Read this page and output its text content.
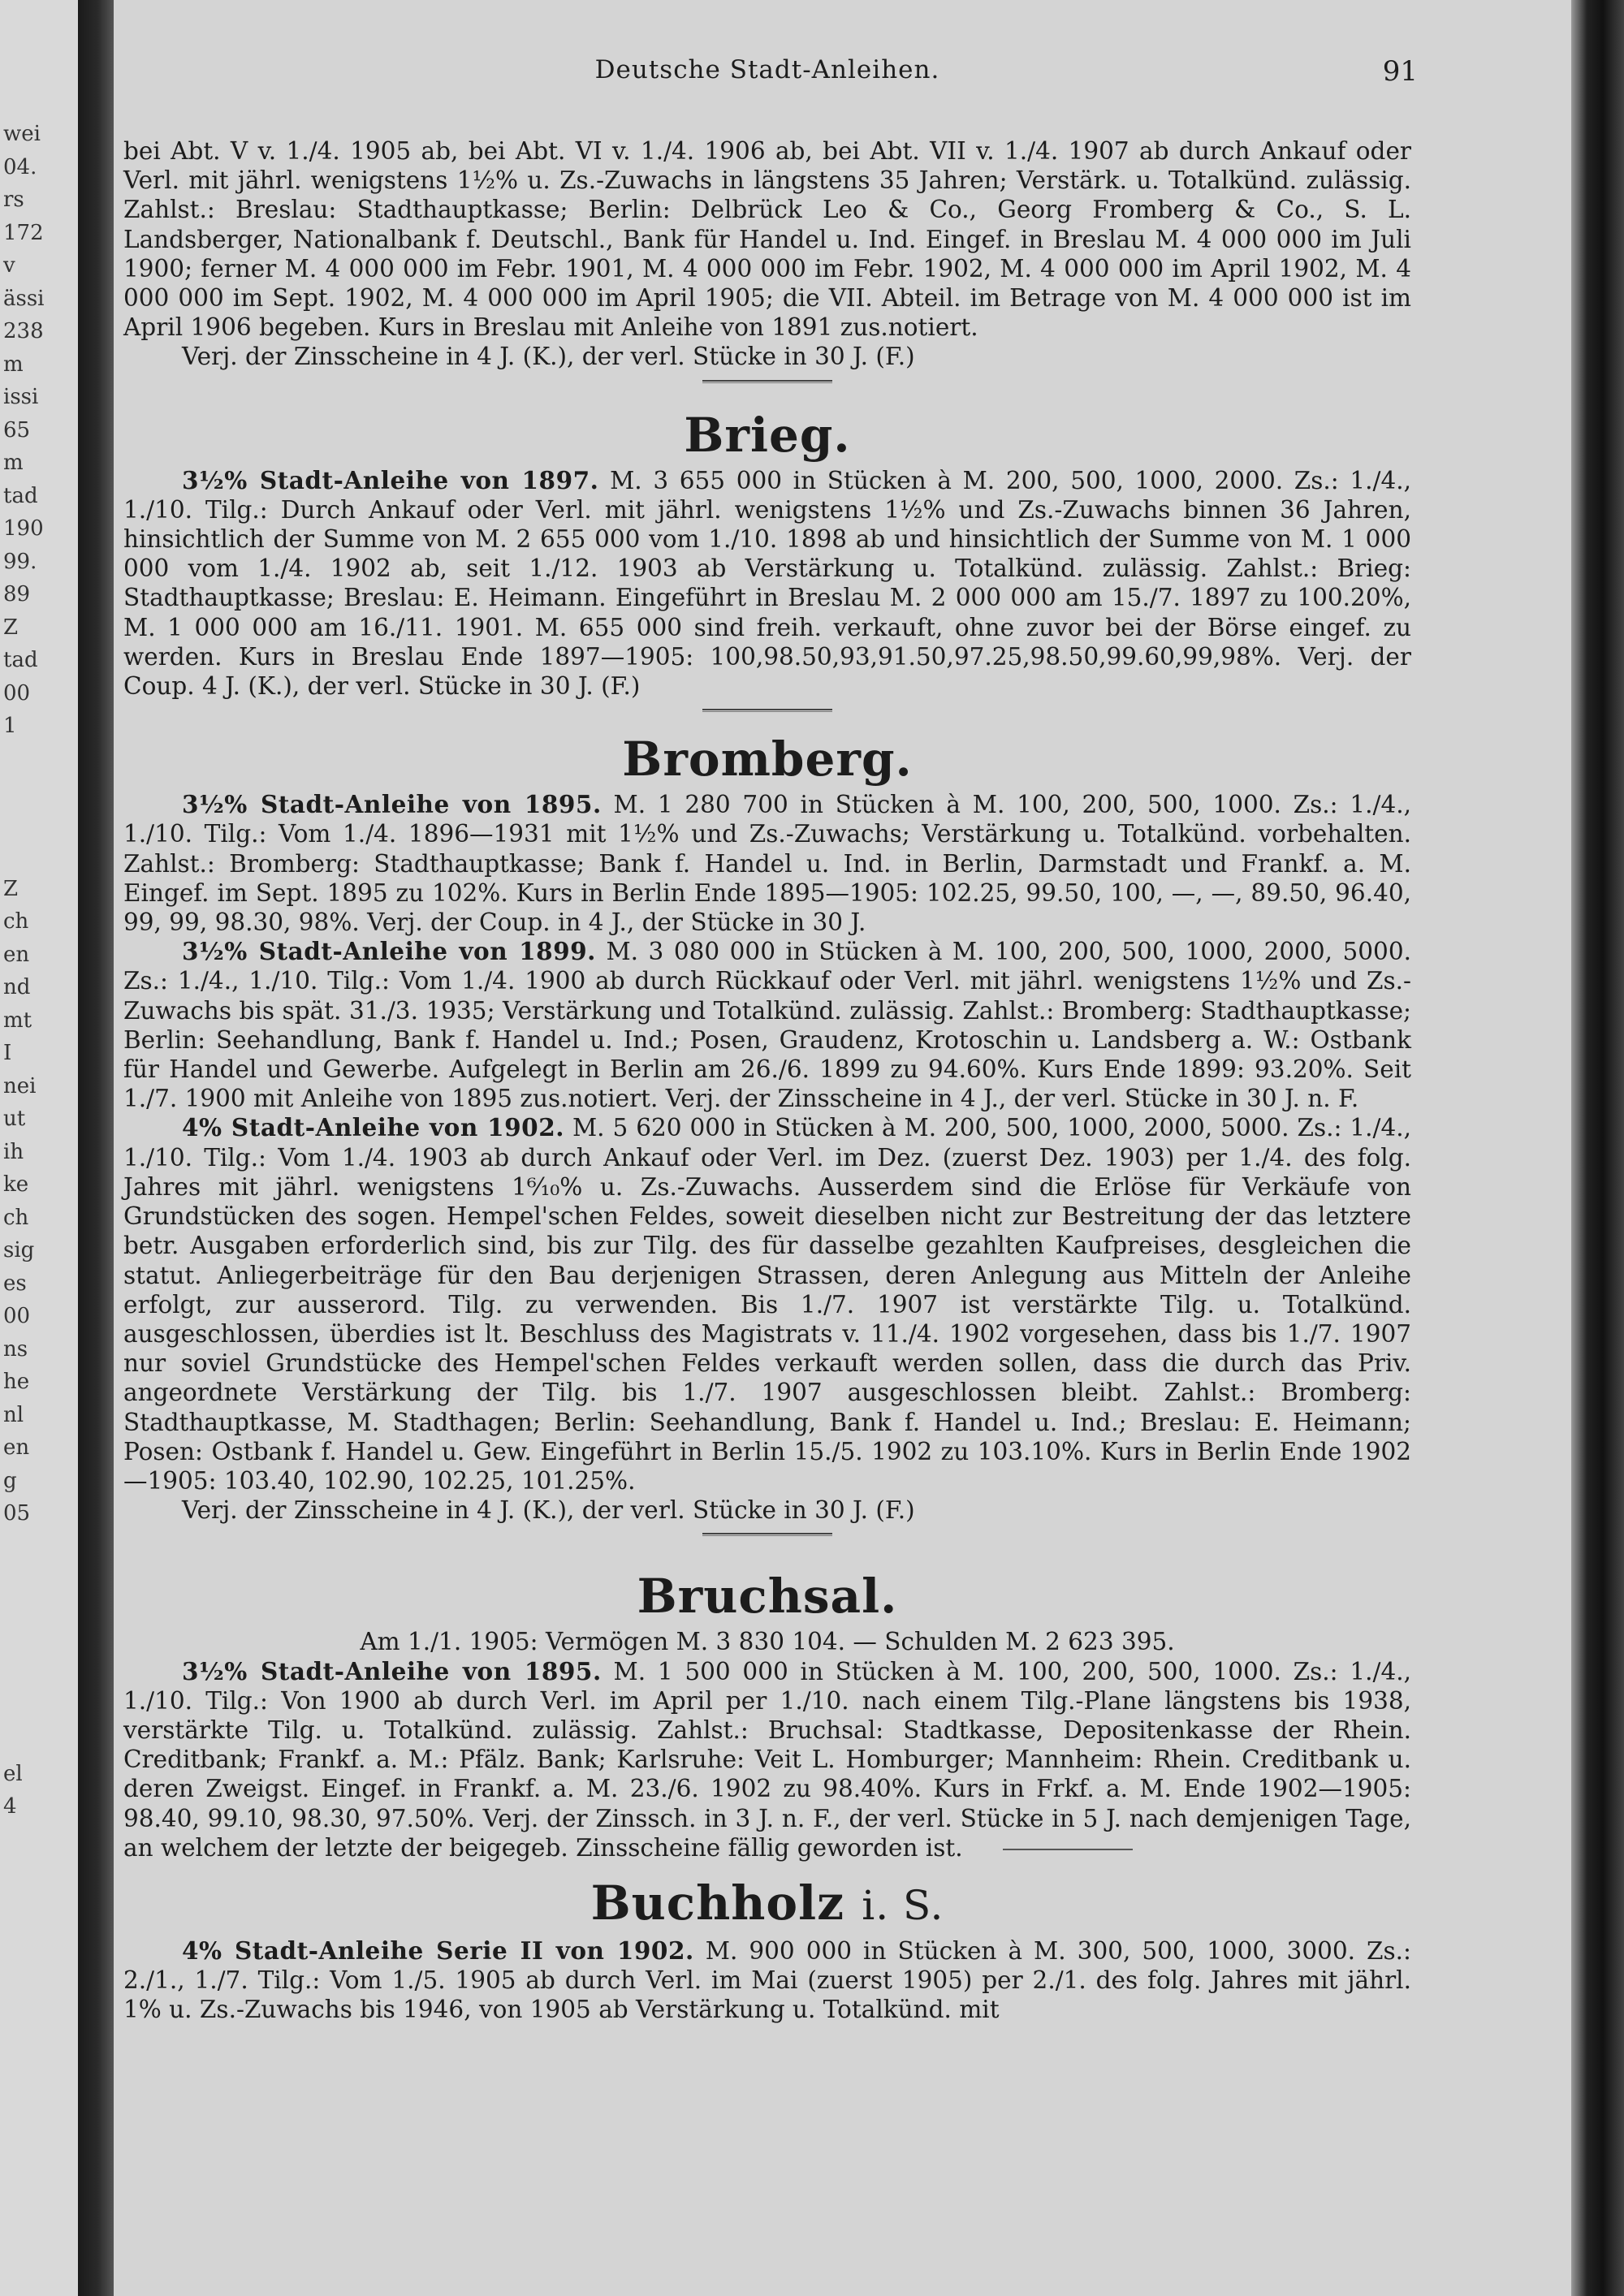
wei
04.
rs
172
v
ässi
238
m
issi
65
m
tad
190
99.
89
Z
tad
00
1
Z
ch
en
nd
mt
I
nei
ut
ih
ke
ch
sig
es
00
ns
he
nl
en
g
05
el
4
Deutsche Stadt-Anleihen.	91

bei Abt. V v. 1./4. 1905 ab, bei Abt. VI v. 1./4. 1906 ab, bei Abt. VII v. 1./4. 1907 ab durch Ankauf oder Verl. mit jährl. wenigstens 1½% u. Zs.-Zuwachs in längstens 35 Jahren; Verstärk. u. Totalkünd. zulässig. Zahlst.: Breslau: Stadthauptkasse; Berlin: Delbrück Leo & Co., Georg Fromberg & Co., S. L. Landsberger, Nationalbank f. Deutschl., Bank für Handel u. Ind. Eingef. in Breslau M. 4 000 000 im Juli 1900; ferner M. 4 000 000 im Febr. 1901, M. 4 000 000 im Febr. 1902, M. 4 000 000 im April 1902, M. 4 000 000 im Sept. 1902, M. 4 000 000 im April 1905; die VII. Abteil. im Betrage von M. 4 000 000 ist im April 1906 begeben. Kurs in Breslau mit Anleihe von 1891 zus.notiert.

Verj. der Zinsscheine in 4 J. (K.), der verl. Stücke in 30 J. (F.)

Brieg.

3½% Stadt-Anleihe von 1897. M. 3 655 000 in Stücken à M. 200, 500, 1000, 2000. Zs.: 1./4., 1./10. Tilg.: Durch Ankauf oder Verl. mit jährl. wenigstens 1½% und Zs.-Zuwachs binnen 36 Jahren, hinsichtlich der Summe von M. 2 655 000 vom 1./10. 1898 ab und hinsichtlich der Summe von M. 1 000 000 vom 1./4. 1902 ab, seit 1./12. 1903 ab Verstärkung u. Totalkünd. zulässig. Zahlst.: Brieg: Stadthauptkasse; Breslau: E. Heimann. Eingeführt in Breslau M. 2 000 000 am 15./7. 1897 zu 100.20%, M. 1 000 000 am 16./11. 1901. M. 655 000 sind freih. verkauft, ohne zuvor bei der Börse eingef. zu werden. Kurs in Breslau Ende 1897—1905: 100,98.50,93,91.50,97.25,98.50,99.60,99,98%. Verj. der Coup. 4 J. (K.), der verl. Stücke in 30 J. (F.)

Bromberg.

3½% Stadt-Anleihe von 1895. M. 1 280 700 in Stücken à M. 100, 200, 500, 1000. Zs.: 1./4., 1./10. Tilg.: Vom 1./4. 1896—1931 mit 1½% und Zs.-Zuwachs; Verstärkung u. Totalkünd. vorbehalten. Zahlst.: Bromberg: Stadthauptkasse; Bank f. Handel u. Ind. in Berlin, Darmstadt und Frankf. a. M. Eingef. im Sept. 1895 zu 102%. Kurs in Berlin Ende 1895—1905: 102.25, 99.50, 100, —, —, 89.50, 96.40, 99, 99, 98.30, 98%. Verj. der Coup. in 4 J., der Stücke in 30 J.

3½% Stadt-Anleihe von 1899. M. 3 080 000 in Stücken à M. 100, 200, 500, 1000, 2000, 5000. Zs.: 1./4., 1./10. Tilg.: Vom 1./4. 1900 ab durch Rückkauf oder Verl. mit jährl. wenigstens 1½% und Zs.-Zuwachs bis spät. 31./3. 1935; Verstärkung und Totalkünd. zulässig. Zahlst.: Bromberg: Stadthauptkasse; Berlin: Seehandlung, Bank f. Handel u. Ind.; Posen, Graudenz, Krotoschin u. Landsberg a. W.: Ostbank für Handel und Gewerbe. Aufgelegt in Berlin am 26./6. 1899 zu 94.60%. Kurs Ende 1899: 93.20%. Seit 1./7. 1900 mit Anleihe von 1895 zus.notiert. Verj. der Zinsscheine in 4 J., der verl. Stücke in 30 J. n. F.

4% Stadt-Anleihe von 1902. M. 5 620 000 in Stücken à M. 200, 500, 1000, 2000, 5000. Zs.: 1./4., 1./10. Tilg.: Vom 1./4. 1903 ab durch Ankauf oder Verl. im Dez. (zuerst Dez. 1903) per 1./4. des folg. Jahres mit jährl. wenigstens 1⁶⁄₁₀% u. Zs.-Zuwachs. Ausserdem sind die Erlöse für Verkäufe von Grundstücken des sogen. Hempel'schen Feldes, soweit dieselben nicht zur Bestreitung der das letztere betr. Ausgaben erforderlich sind, bis zur Tilg. des für dasselbe gezahlten Kaufpreises, desgleichen die statut. Anliegerbeiträge für den Bau derjenigen Strassen, deren Anlegung aus Mitteln der Anleihe erfolgt, zur ausserord. Tilg. zu verwenden. Bis 1./7. 1907 ist verstärkte Tilg. u. Totalkünd. ausgeschlossen, überdies ist lt. Beschluss des Magistrats v. 11./4. 1902 vorgesehen, dass bis 1./7. 1907 nur soviel Grundstücke des Hempel'schen Feldes verkauft werden sollen, dass die durch das Priv. angeordnete Verstärkung der Tilg. bis 1./7. 1907 ausgeschlossen bleibt. Zahlst.: Bromberg: Stadthauptkasse, M. Stadthagen; Berlin: Seehandlung, Bank f. Handel u. Ind.; Breslau: E. Heimann; Posen: Ostbank f. Handel u. Gew. Eingeführt in Berlin 15./5. 1902 zu 103.10%. Kurs in Berlin Ende 1902—1905: 103.40, 102.90, 102.25, 101.25%.

Verj. der Zinsscheine in 4 J. (K.), der verl. Stücke in 30 J. (F.)

Bruchsal.

Am 1./1. 1905: Vermögen M. 3 830 104. — Schulden M. 2 623 395.

3½% Stadt-Anleihe von 1895. M. 1 500 000 in Stücken à M. 100, 200, 500, 1000. Zs.: 1./4., 1./10. Tilg.: Von 1900 ab durch Verl. im April per 1./10. nach einem Tilg.-Plane längstens bis 1938, verstärkte Tilg. u. Totalkünd. zulässig. Zahlst.: Bruchsal: Stadtkasse, Depositenkasse der Rhein. Creditbank; Frankf. a. M.: Pfälz. Bank; Karlsruhe: Veit L. Homburger; Mannheim: Rhein. Creditbank u. deren Zweigst. Eingef. in Frankf. a. M. 23./6. 1902 zu 98.40%. Kurs in Frkf. a. M. Ende 1902—1905: 98.40, 99.10, 98.30, 97.50%. Verj. der Zinssch. in 3 J. n. F., der verl. Stücke in 5 J. nach demjenigen Tage, an welchem der letzte der beigegeb. Zinsscheine fällig geworden ist.

Buchholz i. S.

4% Stadt-Anleihe Serie II von 1902. M. 900 000 in Stücken à M. 300, 500, 1000, 3000. Zs.: 2./1., 1./7. Tilg.: Vom 1./5. 1905 ab durch Verl. im Mai (zuerst 1905) per 2./1. des folg. Jahres mit jährl. 1% u. Zs.-Zuwachs bis 1946, von 1905 ab Verstärkung u. Totalkünd. mit
